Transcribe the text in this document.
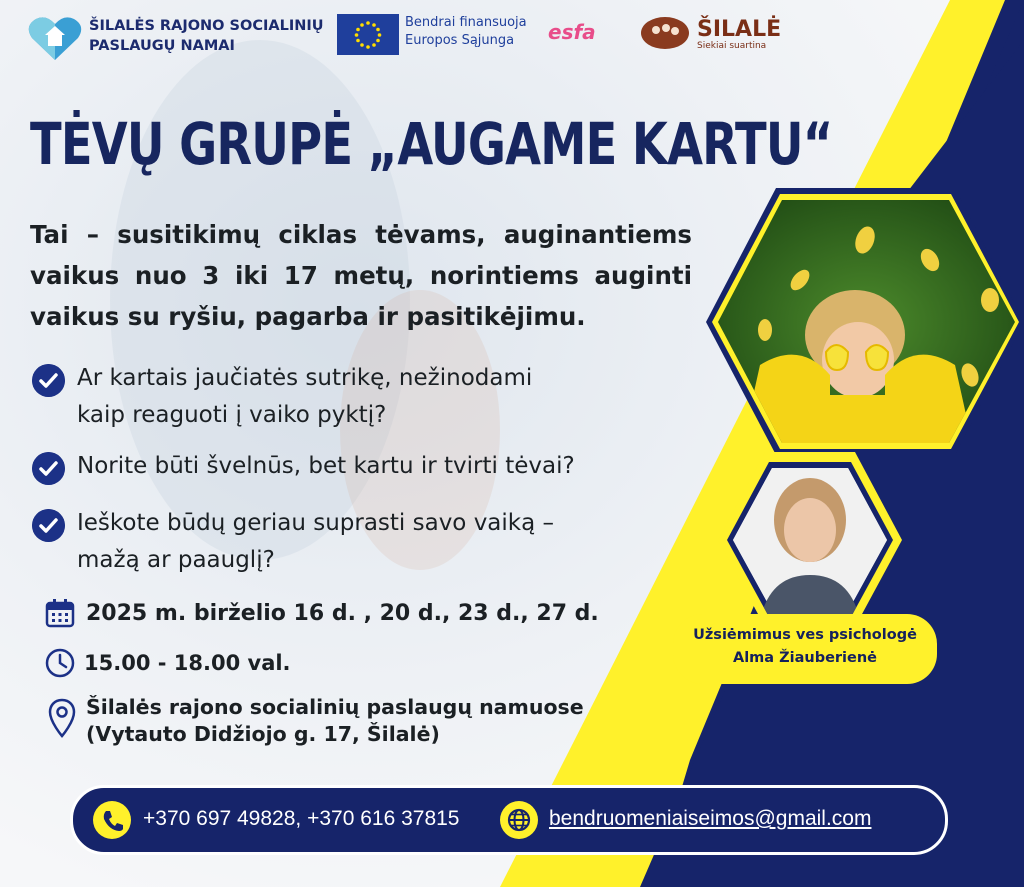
ŠILALĖS RAJONO SOCIALINIŲ
PASLAUGŲ NAMAI
Bendrai finansuoja
Europos Sąjunga esfa	ŠILALĖ
Siekiai suartina
TĖVŲ GRUPĖ „AUGAME KARTU“

Tai – susitikimų ciklas tėvams, auginantiems vaikus nuo 3 iki 17 metų, norintiems auginti vaikus su ryšiu, pagarba ir pasitikėjimu.

Ar kartais jaučiatės sutrikę, nežinodami
kaip reaguoti į vaiko pyktį?
Norite būti švelnūs, bet kartu ir tvirti tėvai?
Ieškote būdų geriau suprasti savo vaiką –
mažą ar paauglį?
2025 m. birželio 16 d. , 20 d., 23 d., 27 d.
15.00 - 18.00 val.
Šilalės rajono socialinių paslaugų namuose
(Vytauto Didžiojo g. 17, Šilalė)
Užsiėmimus ves psichologė
Alma Žiauberienė
+370 697 49828, +370 616 37815	bendruomeniaiseimos@gmail.com
